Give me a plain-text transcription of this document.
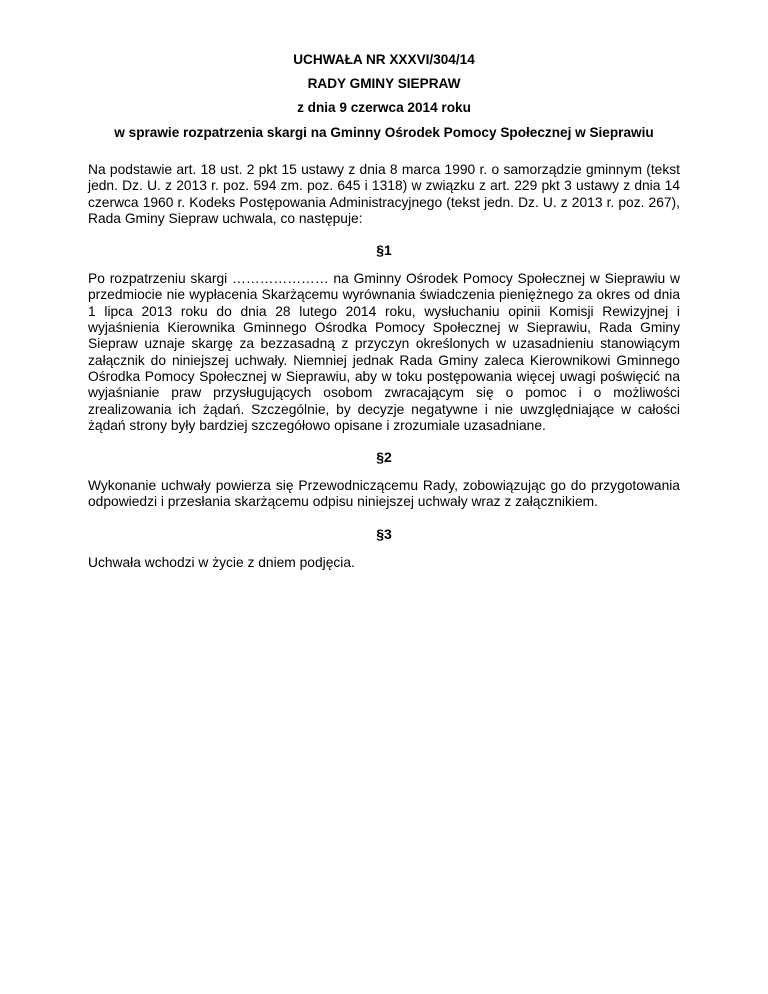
UCHWAŁA NR XXXVI/304/14
RADY GMINY SIEPRAW
z dnia 9 czerwca 2014 roku
w sprawie rozpatrzenia skargi na Gminny Ośrodek Pomocy Społecznej w Sieprawiu

Na podstawie art. 18 ust. 2 pkt 15 ustawy z dnia 8 marca 1990 r. o samorządzie gminnym (tekst jedn. Dz. U. z 2013 r. poz. 594 zm. poz. 645 i 1318) w związku z art. 229 pkt 3 ustawy z dnia 14 czerwca 1960 r. Kodeks Postępowania Administracyjnego (tekst jedn. Dz. U. z 2013 r. poz. 267), Rada Gminy Sieprаw uchwala, co następuje:

§1

Po rozpatrzeniu skargi ………………… na Gminny Ośrodek Pomocy Społecznej w Sieprawiu w przedmiocie nie wypłacenia Skarżącemu wyrównania świadczenia pieniężnego za okres od dnia 1 lipca 2013 roku do dnia 28 lutego 2014 roku, wysłuchaniu opinii Komisji Rewizyjnej i wyjaśnienia Kierownika Gminnego Ośrodka Pomocy Społecznej w Sieprawiu, Rada Gminy Sieprаw uznaje skargę za bezzasadną z przyczyn określonych w uzasadnieniu stanowiącym załącznik do niniejszej uchwały. Niemniej jednak Rada Gminy zaleca Kierownikowi Gminnego Ośrodka Pomocy Społecznej w Sieprawiu, aby w toku postępowania więcej uwagi poświęcić na wyjaśnianie praw przysługujących osobom zwracającym się o pomoc i o możliwości zrealizowania ich żądań. Szczególnie, by decyzje negatywne i nie uwzględniające w całości żądań strony były bardziej szczegółowo opisane i zrozumiale uzasadniane.

§2

Wykonanie uchwały powierza się Przewodniczącemu Rady, zobowiązując go do przygotowania odpowiedzi i przesłania skarżącemu odpisu niniejszej uchwały wraz z załącznikiem.

§3

Uchwała wchodzi w życie z dniem podjęcia.
